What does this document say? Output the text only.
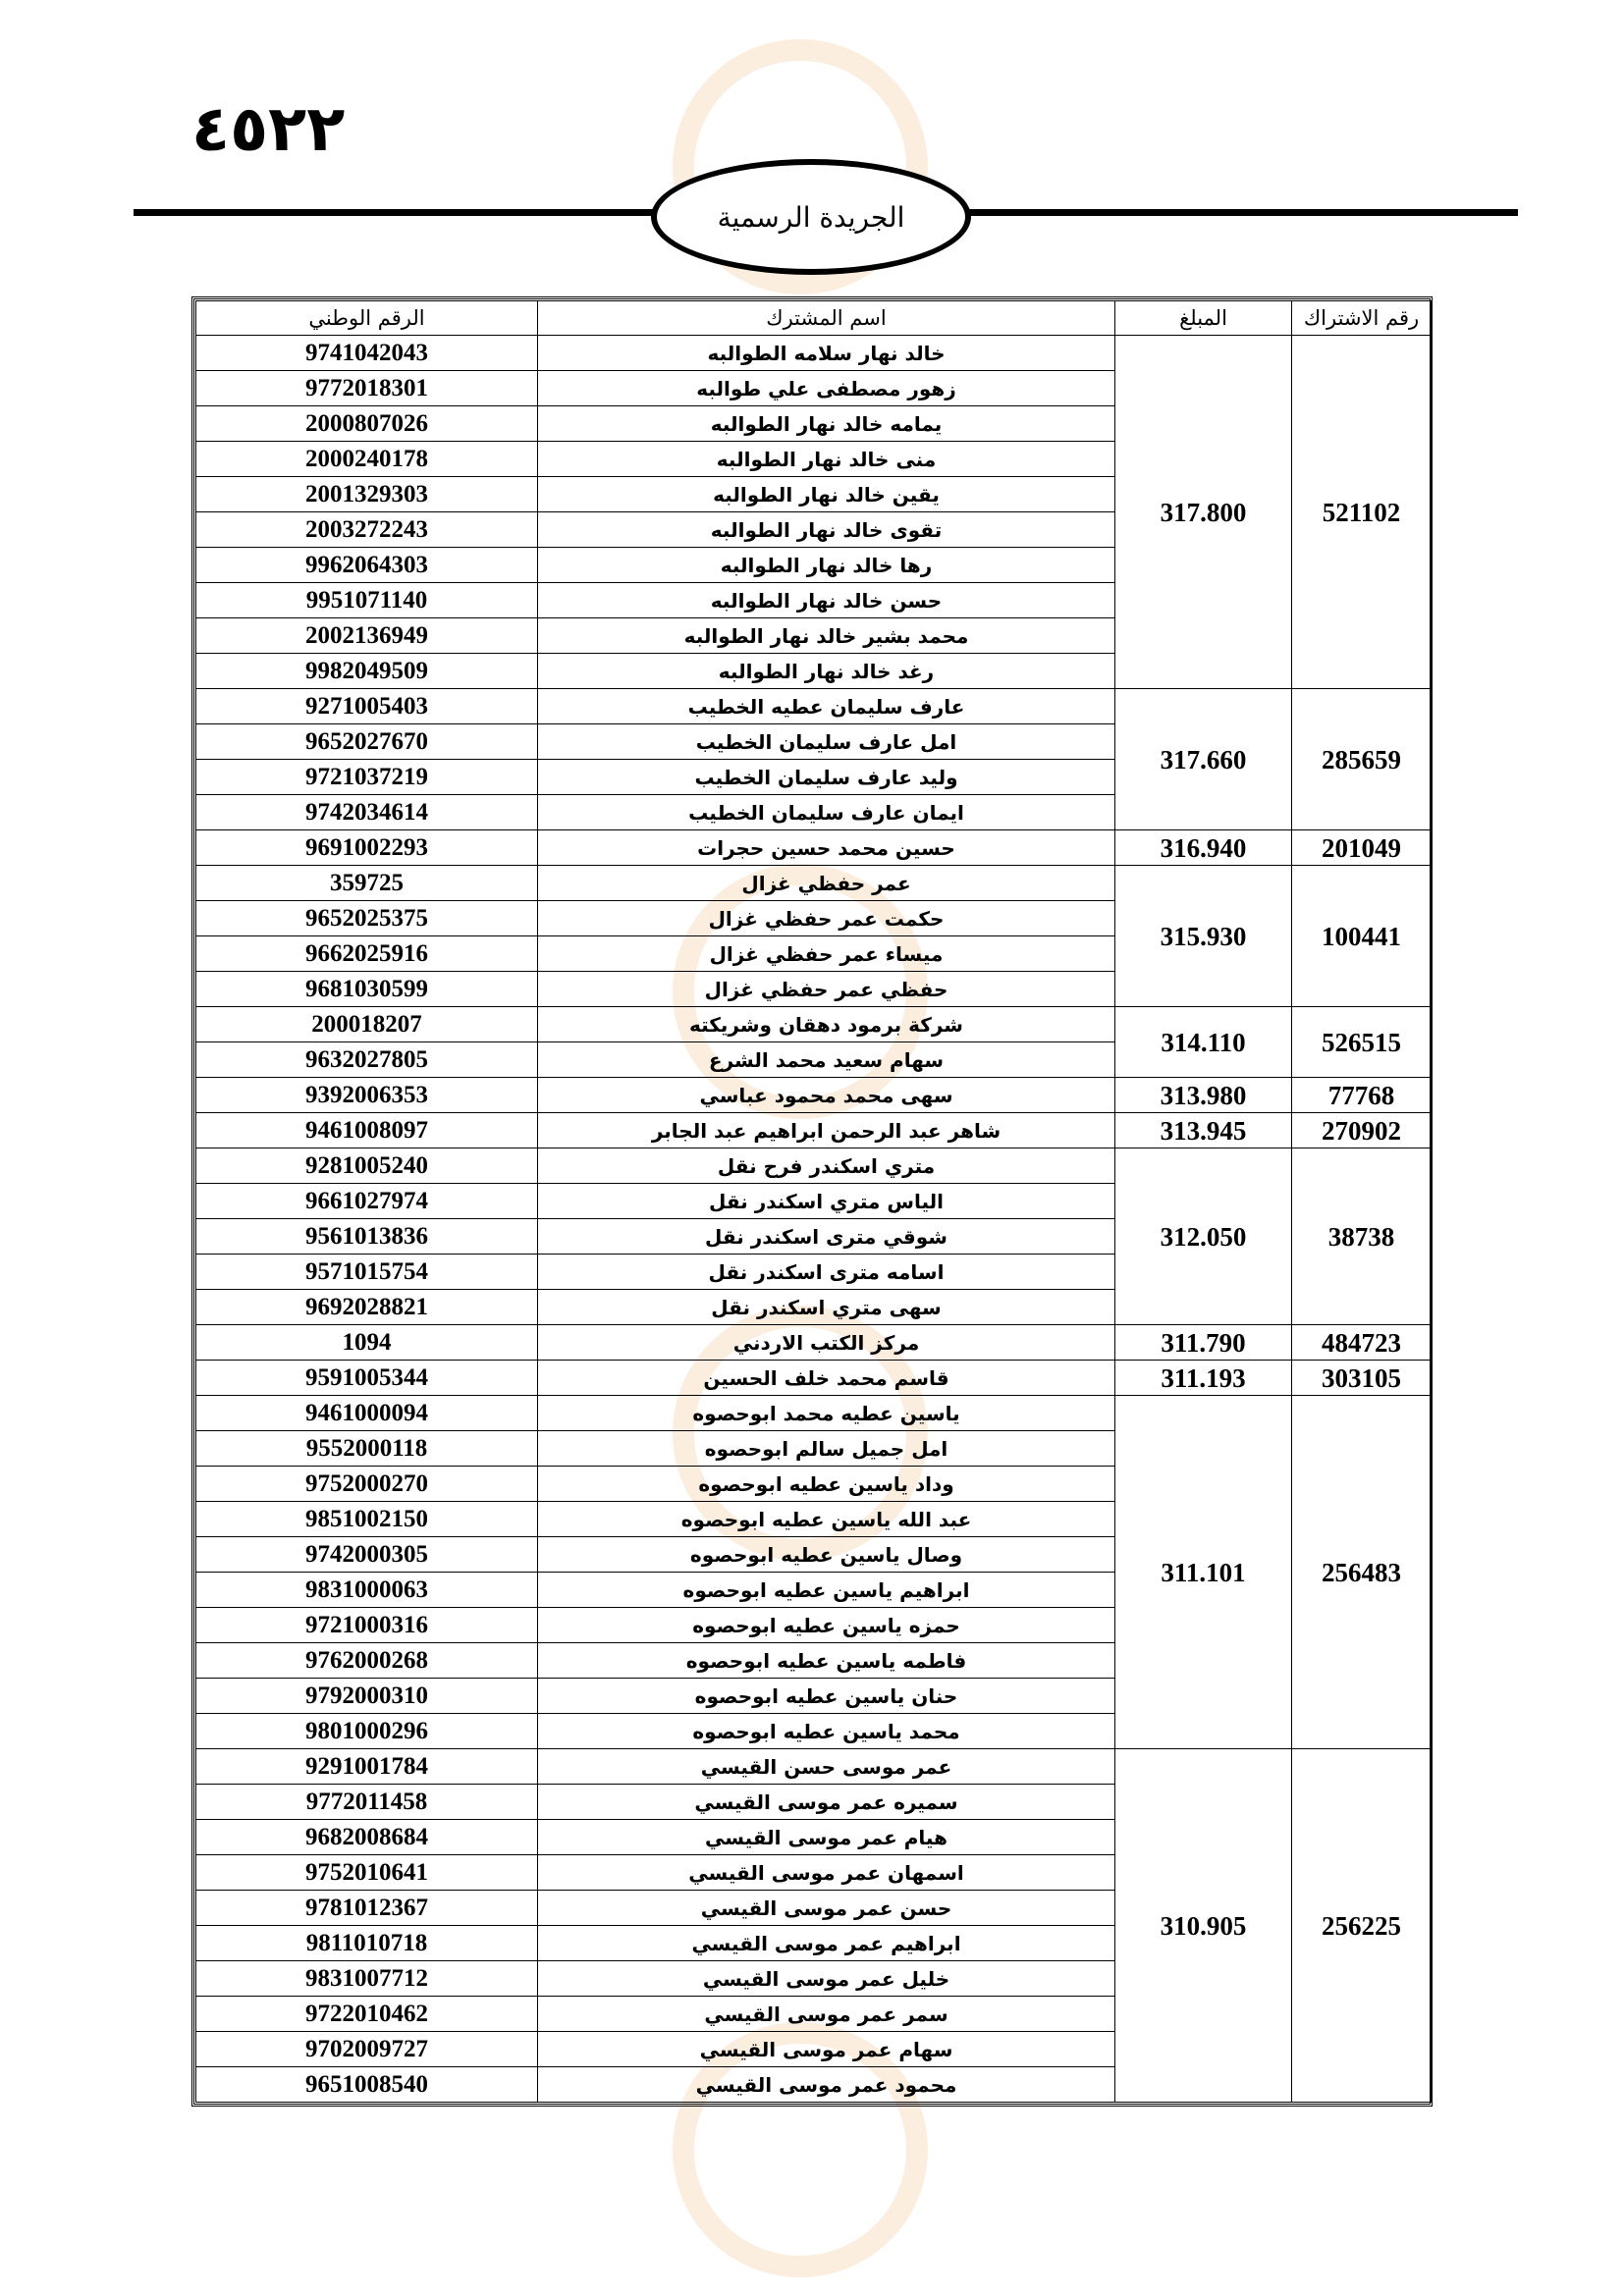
٤٥٢٢
الجريدة الرسمية
الرقم الوطني	اسم المشترك	المبلغ	رقم الاشتراك
9741042043	خالد نهار سلامه الطوالبه	317.800	521102
9772018301	زهور مصطفى علي طوالبه		
2000807026	يمامه خالد نهار الطوالبه		
2000240178	منى خالد نهار الطوالبه		
2001329303	يقين خالد نهار الطوالبه		
2003272243	تقوى خالد نهار الطوالبه		
9962064303	رها خالد نهار الطوالبه		
9951071140	حسن خالد نهار الطوالبه		
2002136949	محمد بشير خالد نهار الطوالبه		
9982049509	رغد خالد نهار الطوالبه		
9271005403	عارف سليمان عطيه الخطيب	317.660	285659
9652027670	امل عارف سليمان الخطيب		
9721037219	وليد عارف سليمان الخطيب		
9742034614	ايمان عارف سليمان الخطيب		
9691002293	حسين محمد حسين حجرات	316.940	201049
359725	عمر حفظي غزال	315.930	100441
9652025375	حكمت عمر حفظي غزال		
9662025916	ميساء عمر حفظي غزال		
9681030599	حفظي عمر حفظي غزال		
200018207	شركة برمود دهقان وشريكته	314.110	526515
9632027805	سهام سعيد محمد الشرع		
9392006353	سهى محمد محمود عباسي	313.980	77768
9461008097	شاهر عبد الرحمن ابراهيم عبد الجابر	313.945	270902
9281005240	متري اسكندر فرح نقل	312.050	38738
9661027974	الياس متري اسكندر نقل		
9561013836	شوقي مترى اسكندر نقل		
9571015754	اسامه مترى اسكندر نقل		
9692028821	سهى متري اسكندر نقل		
1094	مركز الكتب الاردني	311.790	484723
9591005344	قاسم محمد خلف الحسين	311.193	303105
9461000094	ياسين عطيه محمد ابوحصوه	311.101	256483
9552000118	امل جميل سالم ابوحصوه		
9752000270	وداد ياسين عطيه ابوحصوه		
9851002150	عبد الله ياسين عطيه ابوحصوه		
9742000305	وصال ياسين عطيه ابوحصوه		
9831000063	ابراهيم ياسين عطيه ابوحصوه		
9721000316	حمزه ياسين عطيه ابوحصوه		
9762000268	فاطمه ياسين عطيه ابوحصوه		
9792000310	حنان ياسين عطيه ابوحصوه		
9801000296	محمد ياسين عطيه ابوحصوه		
9291001784	عمر موسى حسن القيسي	310.905	256225
9772011458	سميره عمر موسى القيسي		
9682008684	هيام عمر موسى القيسي		
9752010641	اسمهان عمر موسى القيسي		
9781012367	حسن عمر موسى القيسي		
9811010718	ابراهيم عمر موسى القيسي		
9831007712	خليل عمر موسى القيسي		
9722010462	سمر عمر موسى القيسي		
9702009727	سهام عمر موسى القيسي		
9651008540	محمود عمر موسى القيسي		
